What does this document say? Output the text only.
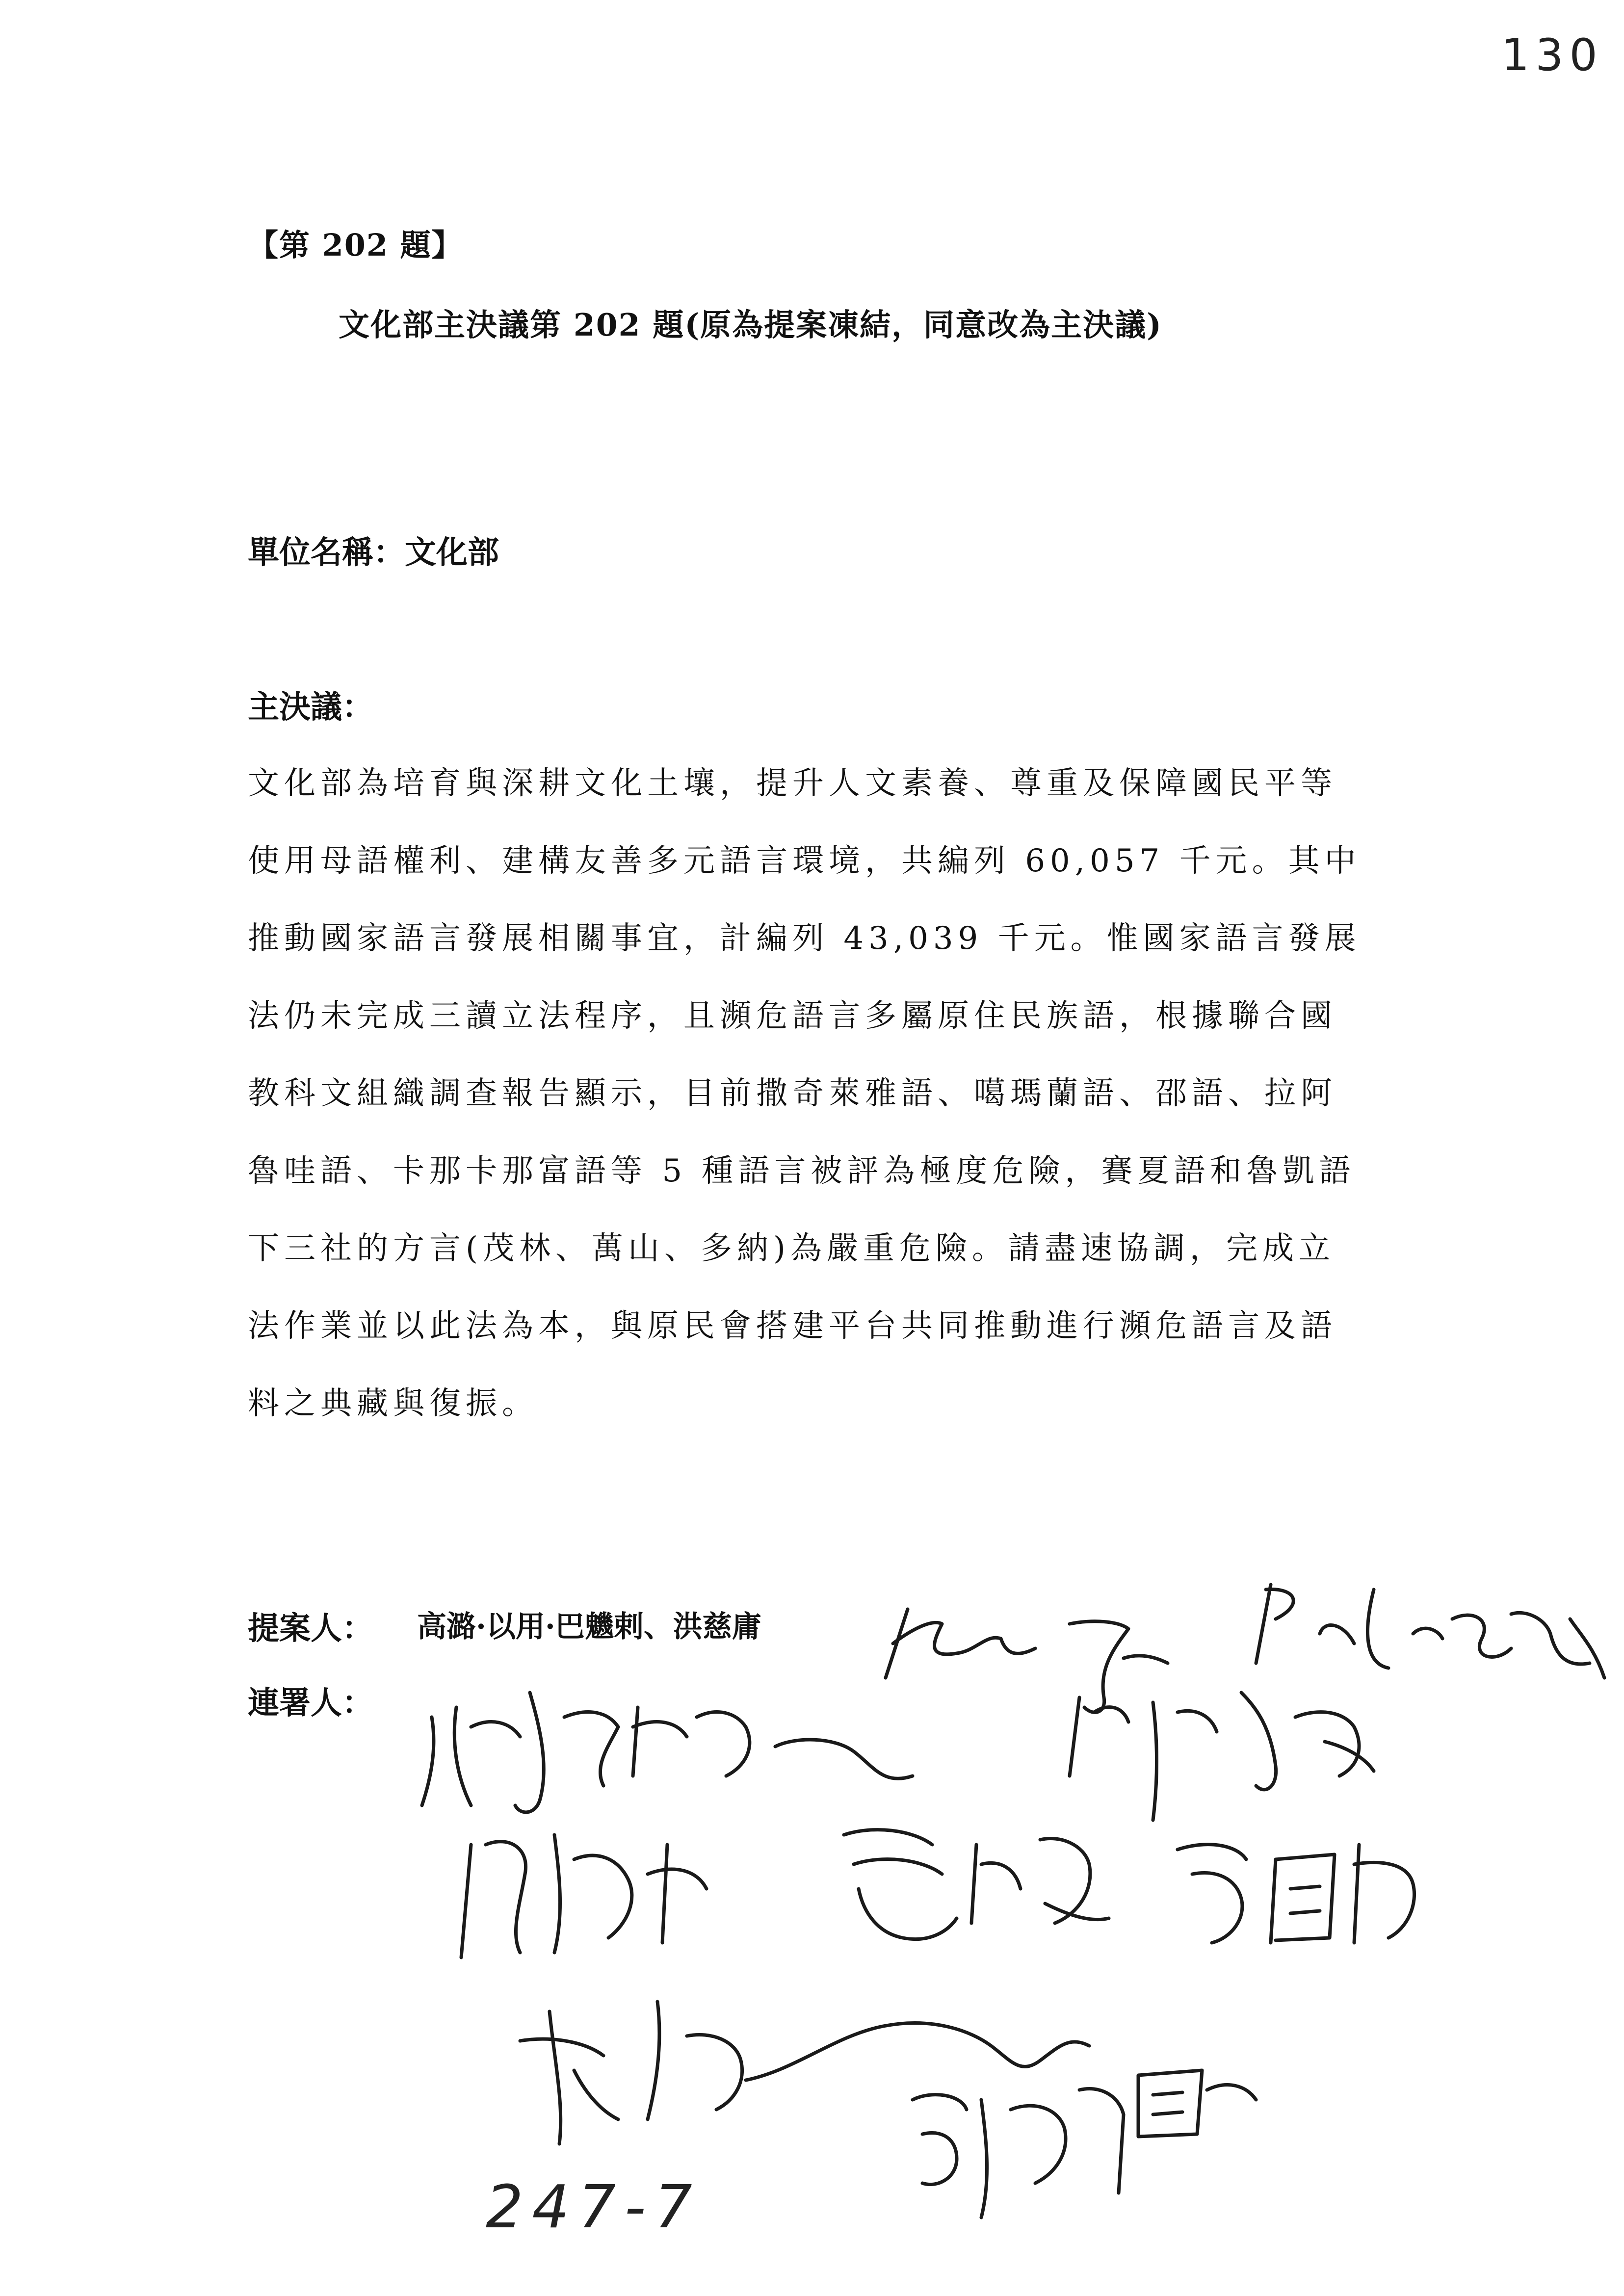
130
【第 202 題】
文化部主決議第 202 題(原為提案凍結，同意改為主決議)
單位名稱：文化部
主決議：
文化部為培育與深耕文化土壤，提升人文素養、尊重及保障國民平等
使用母語權利、建構友善多元語言環境，共編列 60,057 千元。其中
推動國家語言發展相關事宜，計編列 43,039 千元。惟國家語言發展
法仍未完成三讀立法程序，且瀕危語言多屬原住民族語，根據聯合國
教科文組織調查報告顯示，目前撒奇萊雅語、噶瑪蘭語、邵語、拉阿
魯哇語、卡那卡那富語等 5 種語言被評為極度危險，賽夏語和魯凱語
下三社的方言(茂林、萬山、多納)為嚴重危險。請盡速協調，完成立
法作業並以此法為本，與原民會搭建平台共同推動進行瀕危語言及語
料之典藏與復振。
提案人： 高潞·以用·巴魕剌、洪慈庸
連署人：
247-7
